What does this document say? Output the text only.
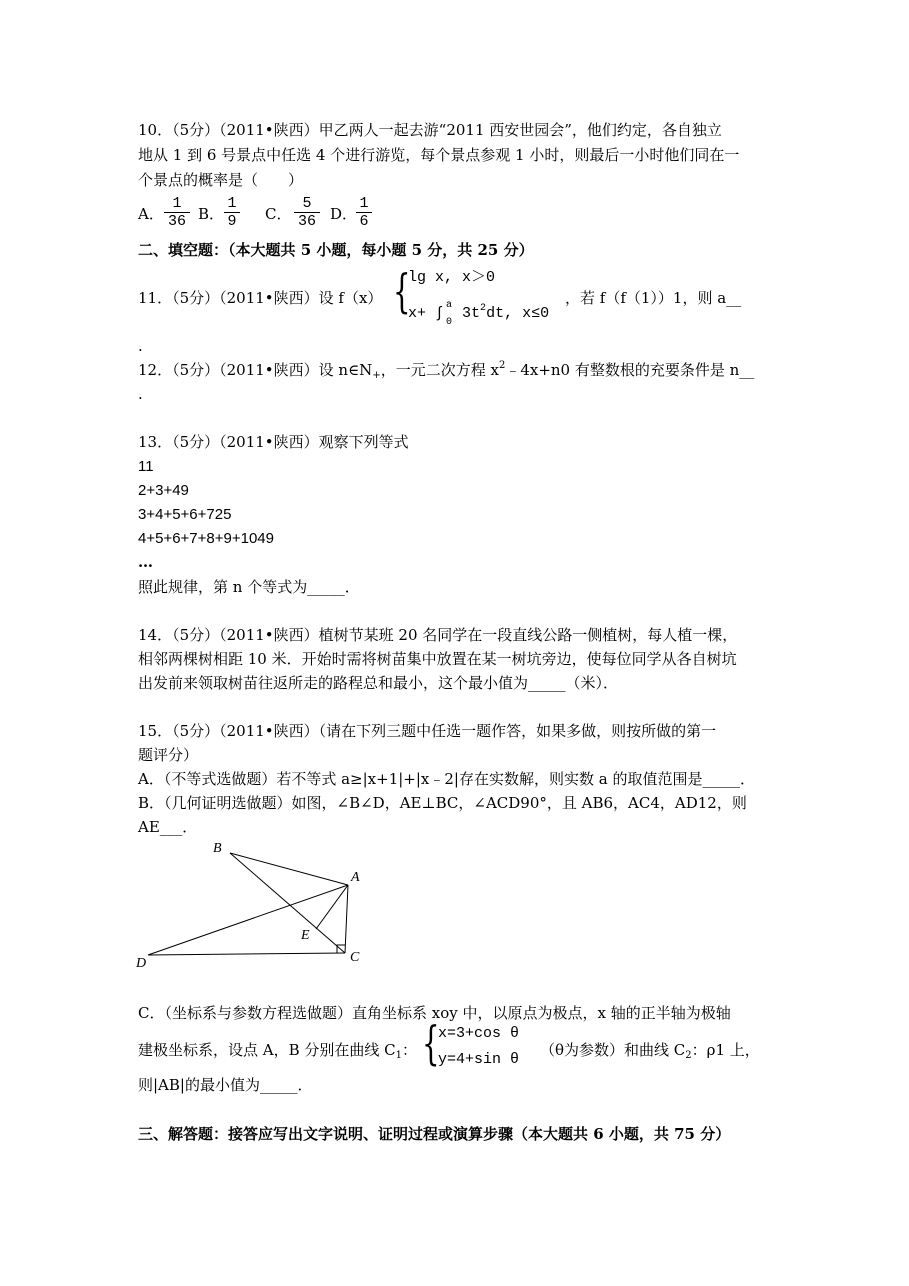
10．（5分）（2011•陕西）甲乙两人一起去游“2011 西安世园会”，他们约定，各自独立
地从 1 到 6 号景点中任选 4 个进行游览，每个景点参观 1 小时，则最后一小时他们同在一
个景点的概率是（　　）
A．
1
36 B．
1
9 C．
5
36 D．
1
6
二、填空题：（本大题共 5 小题，每小题 5 分，共 25 分）
11．（5分）（2011•陕西）设 f（x） {
lg x, x＞0
x+ ∫ a
0
$3t^2dt$, x≤0
，若 f（f（1））1，则 a__
.
12．（5分）（2011•陕西）设 $n\in N_+$，一元二次方程 $x^2﹣4x+n0$ 有整数根的充要条件是 n__
.
13．（5分）（2011•陕西）观察下列等式
11
2+3+49
3+4+5+6+725
4+5+6+7+8+9+1049
…
照此规律，第 n 个等式为_____．
14．（5分）（2011•陕西）植树节某班 20 名同学在一段直线公路一侧植树，每人植一棵，
相邻两棵树相距 10 米．开始时需将树苗集中放置在某一树坑旁边，使每位同学从各自树坑
出发前来领取树苗往返所走的路程总和最小，这个最小值为_____（米）．
15．（5分）（2011•陕西）（请在下列三题中任选一题作答，如果多做，则按所做的第一
题评分）
A．（不等式选做题）若不等式 a≥|x+1|+|x﹣2|存在实数解，则实数 a 的取值范围是_____．
B．（几何证明选做题）如图，∠B∠D，AE⊥BC，∠ACD90°，且 AB6，AC4，AD12，则
AE___．
B
A
E
D	C
C．（坐标系与参数方程选做题）直角坐标系 xoy 中，以原点为极点，x 轴的正半轴为极轴
建极坐标系，设点 A，B 分别在曲线 $C_1$： {
x=3+cos θ
y=4+sin θ
（θ为参数）和曲线 $C_2$：ρ1 上，
则|AB|的最小值为_____．
三、解答题：接答应写出文字说明、证明过程或演算步骤（本大题共 6 小题，共 75 分）
